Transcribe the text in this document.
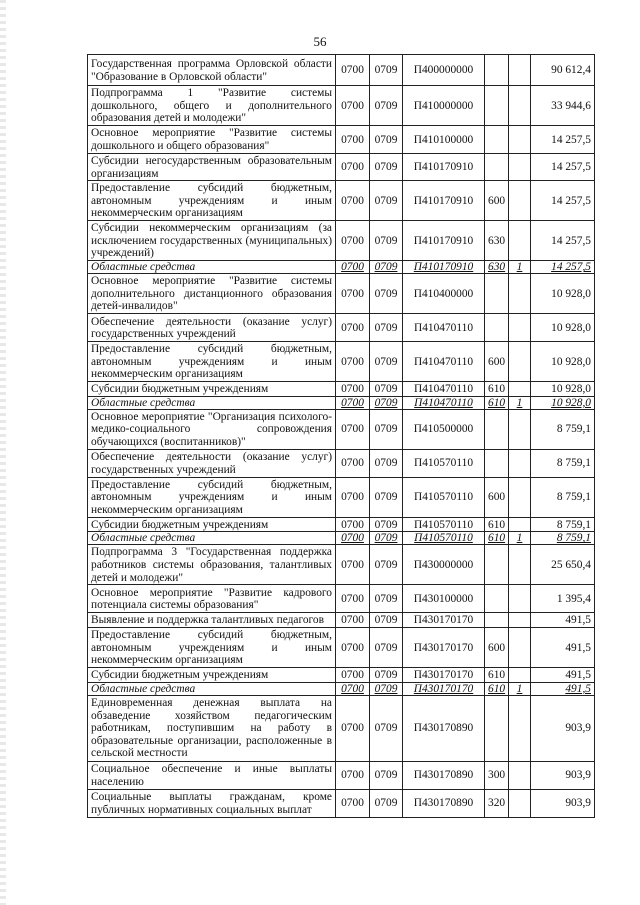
56
Государственная программа Орловской области "Образование в Орловской области"	0700	0709	П400000000			90 612,4
Подпрограмма 1 "Развитие системы дошкольного, общего и дополнительного образования детей и молодежи"	0700	0709	П410000000			33 944,6
Основное мероприятие "Развитие системы дошкольного и общего образования"	0700	0709	П410100000			14 257,5
Субсидии негосударственным образовательным организациям	0700	0709	П410170910			14 257,5
Предоставление субсидий бюджетным, автономным учреждениям и иным некоммерческим организациям	0700	0709	П410170910	600		14 257,5
Субсидии некоммерческим организациям (за исключением государственных (муниципальных) учреждений)	0700	0709	П410170910	630		14 257,5
Областные средства	0700	0709	П410170910	630	1	14 257,5
Основное мероприятие "Развитие системы дополнительного дистанционного образования детей-инвалидов"	0700	0709	П410400000			10 928,0
Обеспечение деятельности (оказание услуг) государственных учреждений	0700	0709	П410470110			10 928,0
Предоставление субсидий бюджетным, автономным учреждениям и иным некоммерческим организациям	0700	0709	П410470110	600		10 928,0
Субсидии бюджетным учреждениям	0700	0709	П410470110	610		10 928,0
Областные средства	0700	0709	П410470110	610	1	10 928,0
Основное мероприятие "Организация психолого-медико-социального сопровождения обучающихся (воспитанников)"	0700	0709	П410500000			8 759,1
Обеспечение деятельности (оказание услуг) государственных учреждений	0700	0709	П410570110			8 759,1
Предоставление субсидий бюджетным, автономным учреждениям и иным некоммерческим организациям	0700	0709	П410570110	600		8 759,1
Субсидии бюджетным учреждениям	0700	0709	П410570110	610		8 759,1
Областные средства	0700	0709	П410570110	610	1	8 759,1
Подпрограмма 3 "Государственная поддержка работников системы образования, талантливых детей и молодежи"	0700	0709	П430000000			25 650,4
Основное мероприятие "Развитие кадрового потенциала системы образования"	0700	0709	П430100000			1 395,4
Выявление и поддержка талантливых педагогов	0700	0709	П430170170			491,5
Предоставление субсидий бюджетным, автономным учреждениям и иным некоммерческим организациям	0700	0709	П430170170	600		491,5
Субсидии бюджетным учреждениям	0700	0709	П430170170	610		491,5
Областные средства	0700	0709	П430170170	610	1	491,5
Единовременная денежная выплата на обзаведение хозяйством педагогическим работникам, поступившим на работу в образовательные организации, расположенные в сельской местности	0700	0709	П430170890			903,9
Социальное обеспечение и иные выплаты населению	0700	0709	П430170890	300		903,9
Социальные выплаты гражданам, кроме публичных нормативных социальных выплат	0700	0709	П430170890	320		903,9
